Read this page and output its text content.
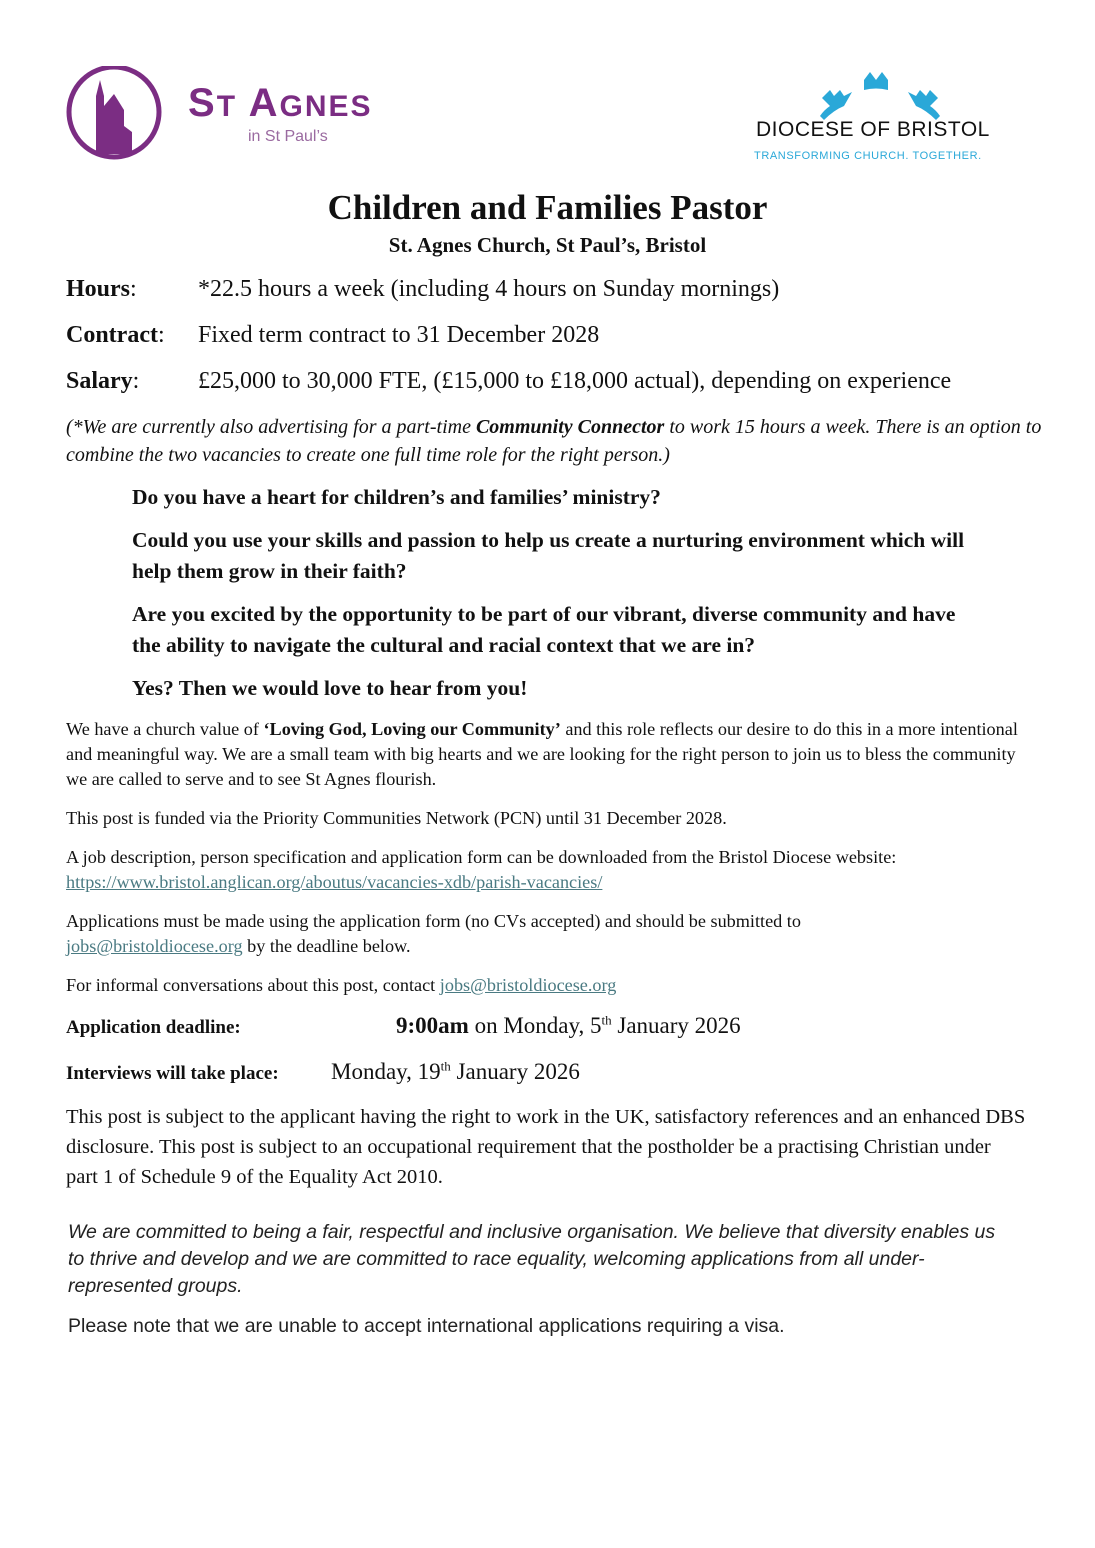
ST AGNES
in St Paul’s	DIOCESE OF BRISTOL
TRANSFORMING CHURCH. TOGETHER.
Children and Families Pastor
St. Agnes Church, St Paul’s, Bristol
Hours:	*22.5 hours a week (including 4 hours on Sunday mornings)
Contract: Fixed term contract to 31 December 2028
Salary: £25,000 to 30,000 FTE, (£15,000 to £18,000 actual), depending on experience
(*We are currently also advertising for a part-time Community Connector to work 15 hours a week. There is an option to combine the two vacancies to create one full time role for the right person.)
Do you have a heart for children’s and families’ ministry?
Could you use your skills and passion to help us create a nurturing environment which will help them grow in their faith?
Are you excited by the opportunity to be part of our vibrant, diverse community and have the ability to navigate the cultural and racial context that we are in?
Yes? Then we would love to hear from you!
We have a church value of ‘Loving God, Loving our Community’ and this role reflects our desire to do this in a more intentional and meaningful way. We are a small team with big hearts and we are looking for the right person to join us to bless the community we are called to serve and to see St Agnes flourish.
This post is funded via the Priority Communities Network (PCN) until 31 December 2028.
A job description, person specification and application form can be downloaded from the Bristol Diocese website:
https://www.bristol.anglican.org/aboutus/vacancies-xdb/parish-vacancies/
Applications must be made using the application form (no CVs accepted) and should be submitted to jobs@bristoldiocese.org by the deadline below.
For informal conversations about this post, contact jobs@bristoldiocese.org
Application deadline:	9:00am on Monday, 5th January 2026
Interviews will take place: Monday, 19th January 2026
This post is subject to the applicant having the right to work in the UK, satisfactory references and an enhanced DBS disclosure. This post is subject to an occupational requirement that the postholder be a practising Christian under part 1 of Schedule 9 of the Equality Act 2010.
We are committed to being a fair, respectful and inclusive organisation. We believe that diversity enables us to thrive and develop and we are committed to race equality, welcoming applications from all under-represented groups.
Please note that we are unable to accept international applications requiring a visa.
